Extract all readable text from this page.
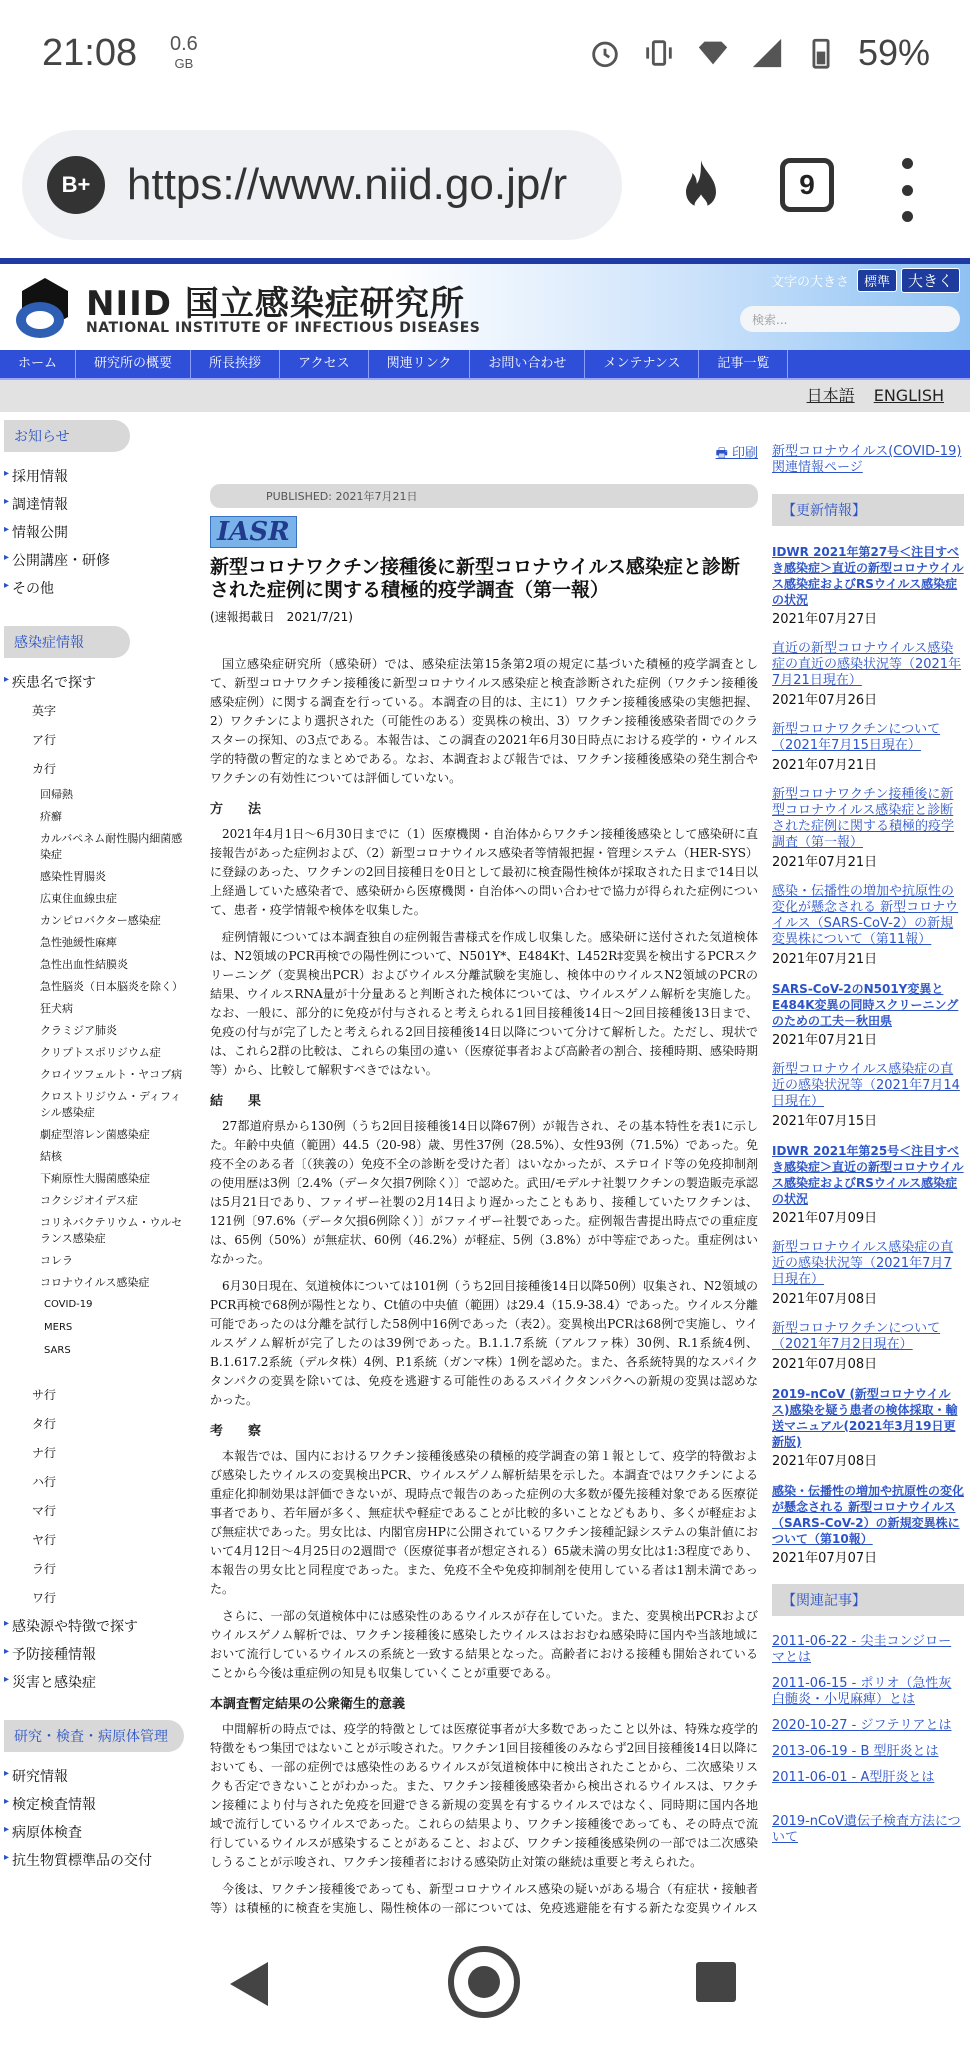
21:08 0.6
GB	59%
B+ https://www.niid.go.jp/r	9
NIID 国立感染症研究所
NATIONAL INSTITUTE OF INFECTIOUS DISEASES
文字の大きさ	標準	大きく
検索...
ホーム	研究所の概要	所長挨拶	アクセス	関連リンク	お問い合わせ	メンテナンス	記事一覧
日本語 ENGLISH
お知らせ
▸ 採用情報
▸ 調達情報
▸ 情報公開
▸ 公開講座・研修
▸ その他
感染症情報
▸ 疾患名で探す
英字
ア行
カ行
回帰熱
疥癬
カルバペネム耐性腸内細菌感染症
感染性胃腸炎
広東住血線虫症
カンピロバクター感染症
急性弛緩性麻痺
急性出血性結膜炎
急性脳炎（日本脳炎を除く）
狂犬病
クラミジア肺炎
クリプトスポリジウム症
クロイツフェルト・ヤコブ病
クロストリジウム・ディフィシル感染症
劇症型溶レン菌感染症
結核
下痢原性大腸菌感染症
コクシジオイデス症
コリネバクテリウム・ウルセランス感染症
コレラ
コロナウイルス感染症
COVID-19
MERS
SARS
サ行
タ行
ナ行
ハ行
マ行
ヤ行
ラ行
ワ行
▸ 感染源や特徴で探す
▸ 予防接種情報
▸ 災害と感染症
研究・検査・病原体管理
▸ 研究情報
▸ 検定検査情報
▸ 病原体検査
▸ 抗生物質標準品の交付
🖶 印刷
PUBLISHED: 2021年7月21日
IASR
新型コロナワクチン接種後に新型コロナウイルス感染症と診断された症例に関する積極的疫学調査（第一報）
(速報掲載日　2021/7/21)

国立感染症研究所（感染研）では、感染症法第15条第2項の規定に基づいた積極的疫学調査として、新型コロナワクチン接種後に新型コロナウイルス感染症と検査診断された症例（ワクチン接種後感染症例）に関する調査を行っている。本調査の目的は、主に1）ワクチン接種後感染の実態把握、2）ワクチンにより選択された（可能性のある）変異株の検出、3）ワクチン接種後感染者間でのクラスターの探知、の3点である。本報告は、この調査の2021年6月30日時点における疫学的・ウイルス学的特徴の暫定的なまとめである。なお、本調査および報告では、ワクチン接種後感染の発生割合やワクチンの有効性については評価していない。

方　法

2021年4月1日〜6月30日までに（1）医療機関・自治体からワクチン接種後感染として感染研に直接報告があった症例および、（2）新型コロナウイルス感染者等情報把握・管理システム（HER-SYS）に登録のあった、ワクチンの2回目接種日を0日として最初に検査陽性検体が採取された日まで14日以上経過していた感染者で、感染研から医療機関・自治体への問い合わせで協力が得られた症例について、患者・疫学情報や検体を収集した。

症例情報については本調査独自の症例報告書様式を作成し収集した。感染研に送付された気道検体は、N2領域のPCR再検での陽性例について、N501Y*、E484K†、L452R‡変異を検出するPCRスクリーニング（変異検出PCR）およびウイルス分離試験を実施し、検体中のウイルスN2領域のPCRの結果、ウイルスRNA量が十分量あると判断された検体については、ウイルスゲノム解析を実施した。なお、一般に、部分的に免疫が付与されると考えられる1回目接種後14日〜2回目接種後13日まで、免疫の付与が完了したと考えられる2回目接種後14日以降について分けて解析した。ただし、現状では、これら2群の比較は、これらの集団の違い（医療従事者および高齢者の割合、接種時期、感染時期等）から、比較して解釈すべきではない。

結　果

27都道府県から130例（うち2回目接種後14日以降67例）が報告され、その基本特性を表1に示した。年齢中央値（範囲）44.5（20-98）歳、男性37例（28.5%）、女性93例（71.5%）であった。免疫不全のある者〔（狭義の）免疫不全の診断を受けた者〕はいなかったが、ステロイド等の免疫抑制剤の使用歴は3例〔2.4%（データ欠損7例除く）〕で認めた。武田/モデルナ社製ワクチンの製造販売承認は5月21日であり、ファイザー社製の2月14日より遅かったこともあり、接種していたワクチンは、121例〔97.6%（データ欠損6例除く）〕がファイザー社製であった。症例報告書提出時点での重症度は、65例（50%）が無症状、60例（46.2%）が軽症、5例（3.8%）が中等症であった。重症例はいなかった。

6月30日現在、気道検体については101例（うち2回目接種後14日以降50例）収集され、N2領域のPCR再検で68例が陽性となり、Ct値の中央値（範囲）は29.4（15.9-38.4）であった。ウイルス分離可能であったのは分離を試行した58例中16例であった（表2）。変異検出PCRは68例で実施し、ウイルスゲノム解析が完了したのは39例であった。B.1.1.7系統（アルファ株）30例、R.1系統4例、B.1.617.2系統（デルタ株）4例、P.1系統（ガンマ株）1例を認めた。また、各系統特異的なスパイクタンパクの変異を除いては、免疫を逃避する可能性のあるスパイクタンパクへの新規の変異は認めなかった。

考　察

本報告では、国内におけるワクチン接種後感染の積極的疫学調査の第１報として、疫学的特徴および感染したウイルスの変異検出PCR、ウイルスゲノム解析結果を示した。本調査ではワクチンによる重症化抑制効果は評価できないが、現時点で報告のあった症例の大多数が優先接種対象である医療従事者であり、若年層が多く、無症状や軽症であることが比較的多いことなどもあり、多くが軽症および無症状であった。男女比は、内閣官房HPに公開されているワクチン接種記録システムの集計値において4月12日〜4月25日の2週間で（医療従事者が想定される）65歳未満の男女比は1:3程度であり、本報告の男女比と同程度であった。また、免疫不全や免疫抑制剤を使用している者は1割未満であった。

さらに、一部の気道検体中には感染性のあるウイルスが存在していた。また、変異検出PCRおよびウイルスゲノム解析では、ワクチン接種後に感染したウイルスはおおむね感染時に国内や当該地域において流行しているウイルスの系統と一致する結果となった。高齢者における接種も開始されていることから今後は重症例の知見も収集していくことが重要である。

本調査暫定結果の公衆衛生的意義

中間解析の時点では、疫学的特徴としては医療従事者が大多数であったこと以外は、特殊な疫学的特徴をもつ集団ではないことが示唆された。ワクチン1回目接種後のみならず2回目接種後14日以降においても、一部の症例では感染性のあるウイルスが気道検体中に検出されたことから、二次感染リスクも否定できないことがわかった。また、ワクチン接種後感染者から検出されるウイルスは、ワクチン接種により付与された免疫を回避できる新規の変異を有するウイルスではなく、同時期に国内各地域で流行しているウイルスであった。これらの結果より、ワクチン接種後であっても、その時点で流行しているウイルスが感染することがあること、および、ワクチン接種後感染例の一部では二次感染しうることが示唆され、ワクチン接種者における感染防止対策の継続は重要と考えられた。

今後は、ワクチン接種後であっても、新型コロナウイルス感染の疑いがある場合（有症状・接触者等）は積極的に検査を実施し、陽性検体の一部については、免疫逃避能を有する新たな変異ウイルス

新型コロナウイルス(COVID-19)関連情報ページ
【更新情報】
IDWR 2021年第27号＜注目すべき感染症＞直近の新型コロナウイルス感染症およびRSウイルス感染症の状況
2021年07月27日
直近の新型コロナウイルス感染症の直近の感染状況等（2021年7月21日現在）
2021年07月26日
新型コロナワクチンについて（2021年7月15日現在）
2021年07月21日
新型コロナワクチン接種後に新型コロナウイルス感染症と診断された症例に関する積極的疫学調査（第一報）
2021年07月21日
感染・伝播性の増加や抗原性の変化が懸念される 新型コロナウイルス（SARS-CoV-2）の新規変異株について（第11報）
2021年07月21日
SARS-CoV-2のN501Y変異とE484K変異の同時スクリーニングのための工夫－秋田県
2021年07月21日
新型コロナウイルス感染症の直近の感染状況等（2021年7月14日現在）
2021年07月15日
IDWR 2021年第25号＜注目すべき感染症＞直近の新型コロナウイルス感染症およびRSウイルス感染症の状況
2021年07月09日
新型コロナウイルス感染症の直近の感染状況等（2021年7月7日現在）
2021年07月08日
新型コロナワクチンについて（2021年7月2日現在）
2021年07月08日
2019-nCoV (新型コロナウイルス)感染を疑う患者の検体採取・輸送マニュアル(2021年3月19日更新版)
2021年07月08日
感染・伝播性の増加や抗原性の変化が懸念される 新型コロナウイルス（SARS-CoV-2）の新規変異株について（第10報）
2021年07月07日
【関連記事】
2011-06-22 - 尖圭コンジローマとは
2011-06-15 - ポリオ（急性灰白髄炎・小児麻痺）とは
2020-10-27 - ジフテリアとは
2013-06-19 - B 型肝炎とは
2011-06-01 - A型肝炎とは
2019-nCoV遺伝子検査方法について
